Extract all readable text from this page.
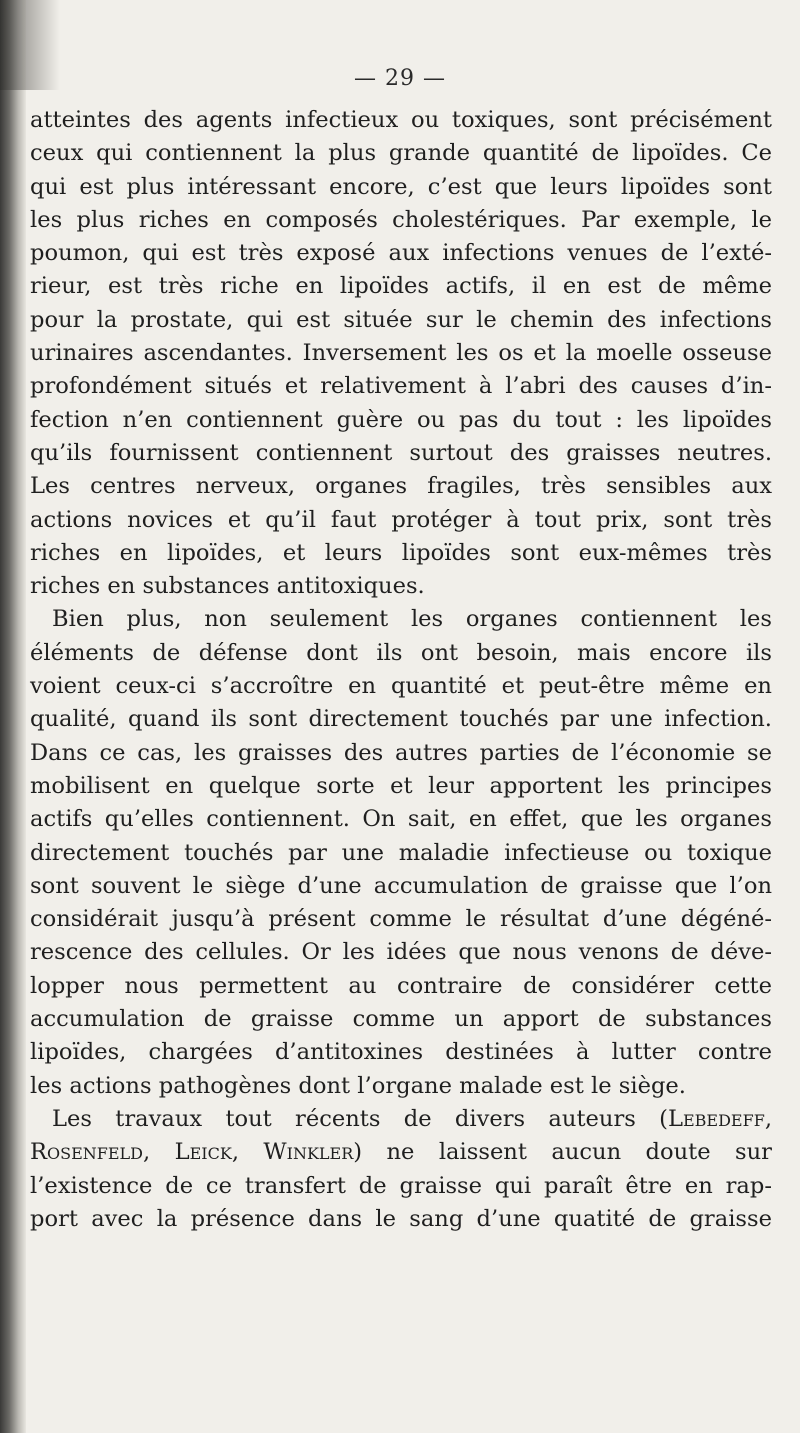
— 29 —
atteintes des agents infectieux ou toxiques, sont précisément
ceux qui contiennent la plus grande quantité de lipoïdes. Ce
qui est plus intéressant encore, c’est que leurs lipoïdes sont
les plus riches en composés cholestériques. Par exemple, le
poumon, qui est très exposé aux infections venues de l’exté-
rieur, est très riche en lipoïdes actifs, il en est de même
pour la prostate, qui est située sur le chemin des infections
urinaires ascendantes. Inversement les os et la moelle osseuse
profondément situés et relativement à l’abri des causes d’in-
fection n’en contiennent guère ou pas du tout : les lipoïdes
qu’ils fournissent contiennent surtout des graisses neutres.
Les centres nerveux, organes fragiles, très sensibles aux
actions novices et qu’il faut protéger à tout prix, sont très
riches en lipoïdes, et leurs lipoïdes sont eux-mêmes très
riches en substances antitoxiques.
Bien plus, non seulement les organes contiennent les
éléments de défense dont ils ont besoin, mais encore ils
voient ceux-ci s’accroître en quantité et peut-être même en
qualité, quand ils sont directement touchés par une infection.
Dans ce cas, les graisses des autres parties de l’économie se
mobilisent en quelque sorte et leur apportent les principes
actifs qu’elles contiennent. On sait, en effet, que les organes
directement touchés par une maladie infectieuse ou toxique
sont souvent le siège d’une accumulation de graisse que l’on
considérait jusqu’à présent comme le résultat d’une dégéné-
rescence des cellules. Or les idées que nous venons de déve-
lopper nous permettent au contraire de considérer cette
accumulation de graisse comme un apport de substances
lipoïdes, chargées d’antitoxines destinées à lutter contre
les actions pathogènes dont l’organe malade est le siège.
Les travaux tout récents de divers auteurs (Lebedeff,
Rosenfeld, Leick, Winkler) ne laissent aucun doute sur
l’existence de ce transfert de graisse qui paraît être en rap-
port avec la présence dans le sang d’une quatité de graisse
